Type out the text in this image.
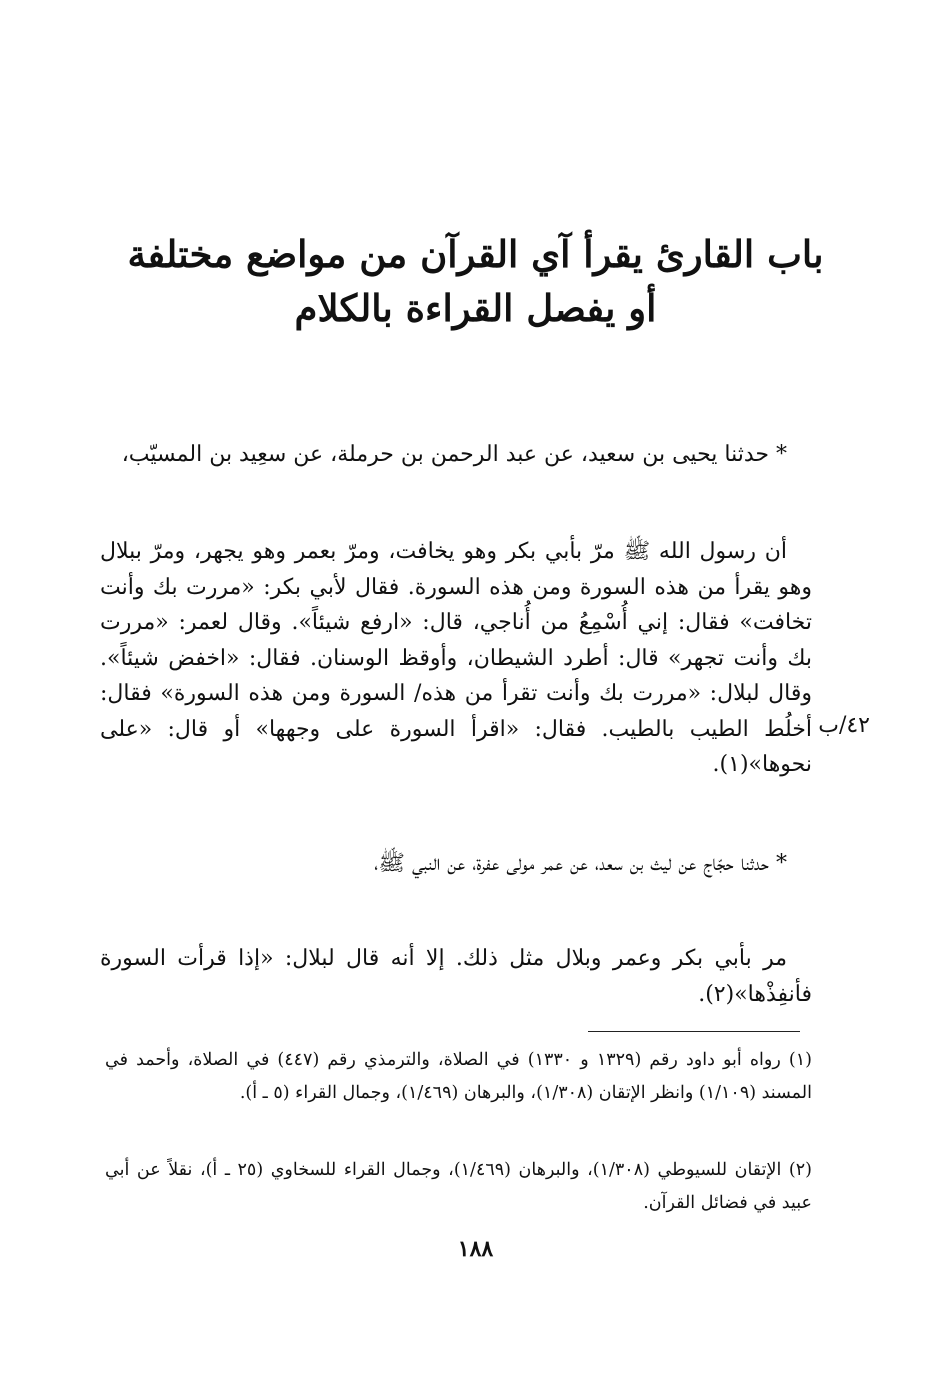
باب القارئ يقرأ آي القرآن من مواضع مختلفة
أو يفصل القراءة بالكلام

* حدثنا يحيى بن سعيد، عن عبد الرحمن بن حرملة، عن سعِيد بن المسيّب،

أن رسول الله ﷺ مرّ بأبي بكر وهو يخافت، ومرّ بعمر وهو يجهر، ومرّ ببلال وهو يقرأ من هذه السورة ومن هذه السورة. فقال لأبي بكر: «مررت بك وأنت تخافت» فقال: إني أُسْمِعُ من أُناجي، قال: «ارفع شيئاً». وقال لعمر: «مررت بك وأنت تجهر» قال: أطرد الشيطان، وأوقظ الوسنان. فقال: «اخفض شيئاً». وقال لبلال: «مررت بك وأنت تقرأ من هذه/ السورة ومن هذه السورة» فقال: أخلُط الطيب بالطيب. فقال: «اقرأ السورة على وجهها» أو قال: «على نحوها»(١).

٤٢/ب

* حدثنا حجّاج عن ليث بن سعد، عن عمر مولى عفرة، عن النبي ﷺ،

مر بأبي بكر وعمر وبلال مثل ذلك. إلا أنه قال لبلال: «إذا قرأت السورة فأنفِذْها»(٢).

(١) رواه أبو داود رقم (١٣٢٩ و ١٣٣٠) في الصلاة، والترمذي رقم (٤٤٧) في الصلاة، وأحمد في المسند (١/١٠٩) وانظر الإتقان (١/٣٠٨)، والبرهان (١/٤٦٩)، وجمال القراء (٥ ـ أ).
(٢) الإتقان للسيوطي (١/٣٠٨)، والبرهان (١/٤٦٩)، وجمال القراء للسخاوي (٢٥ ـ أ)، نقلاً عن أبي عبيد في فضائل القرآن.
١٨٨
